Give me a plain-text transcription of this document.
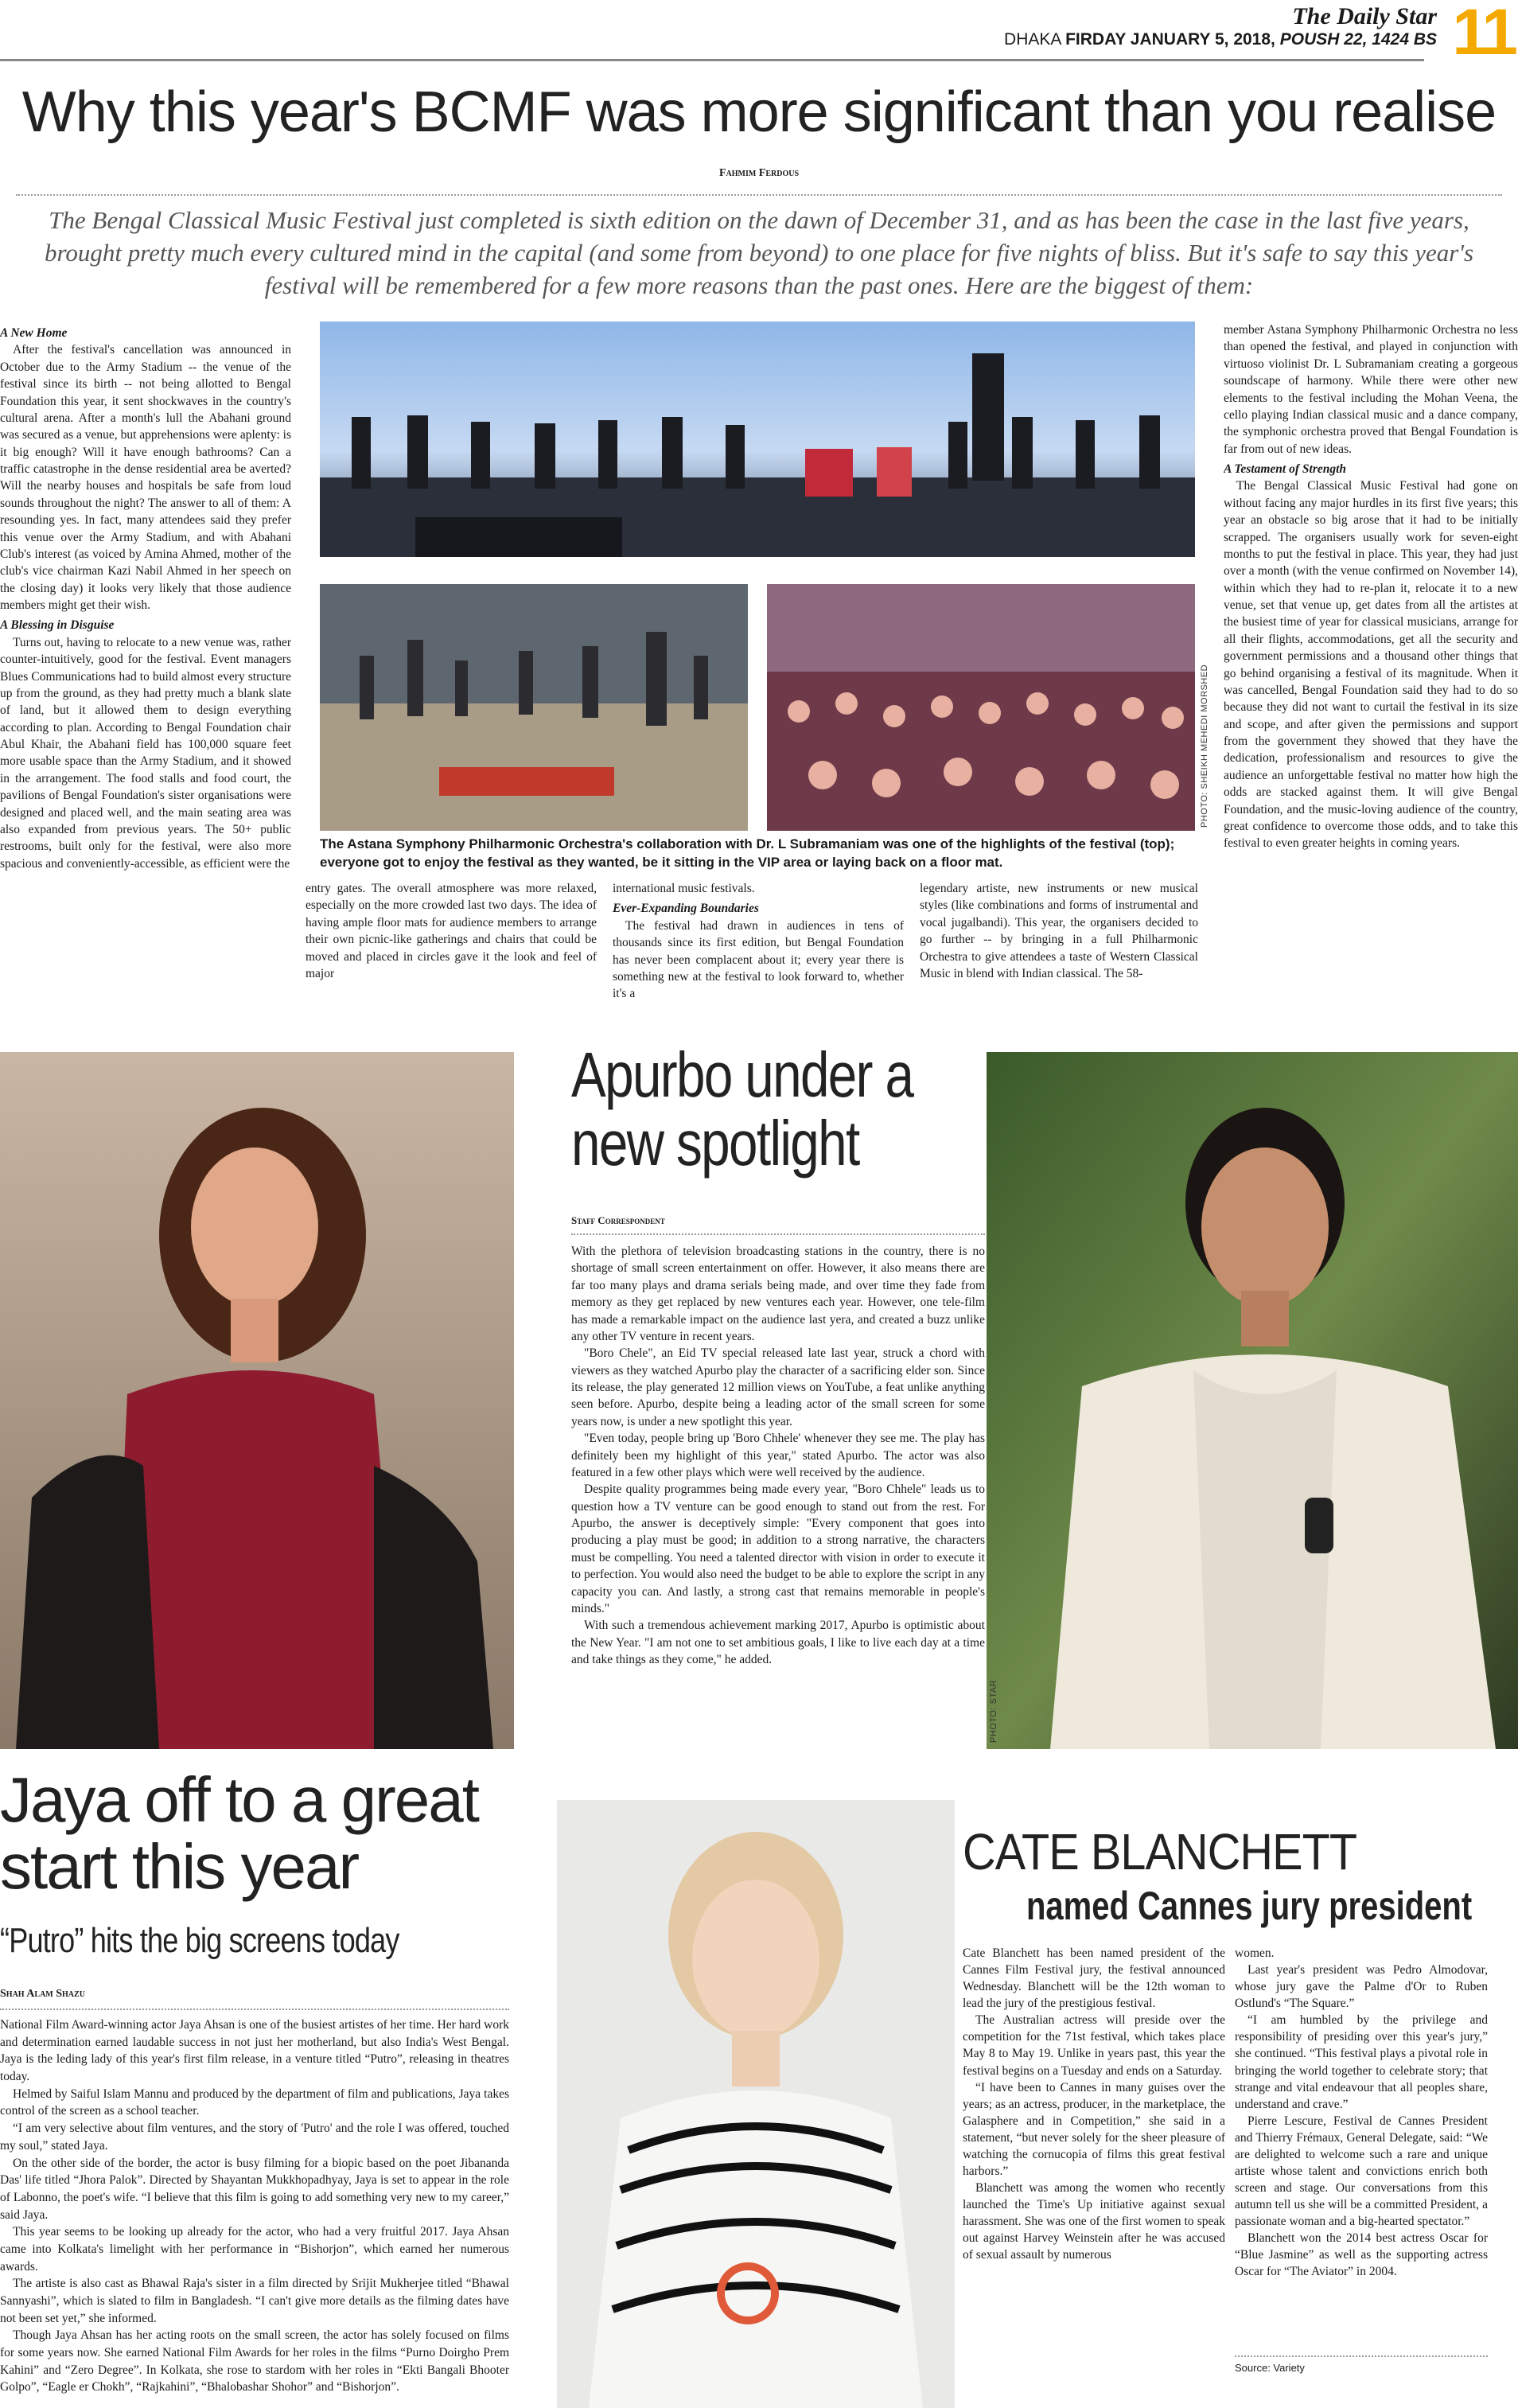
The Daily Star
DHAKA FIRDAY JANUARY 5, 2018, POUSH 22, 1424 BS 11
Why this year's BCMF was more significant than you realise
Fahmim Ferdous
The Bengal Classical Music Festival just completed is sixth edition on the dawn of December 31, and as has been the case in the last five years, brought pretty much every cultured mind in the capital (and some from beyond) to one place for five nights of bliss. But it's safe to say this year's festival will be remembered for a few more reasons than the past ones. Here are the biggest of them:

A New Home

After the festival's cancellation was announced in October due to the Army Stadium -- the venue of the festival since its birth -- not being allotted to Bengal Foundation this year, it sent shockwaves in the country's cultural arena. After a month's lull the Abahani ground was secured as a venue, but apprehensions were aplenty: is it big enough? Will it have enough bathrooms? Can a traffic catastrophe in the dense residential area be averted? Will the nearby houses and hospitals be safe from loud sounds throughout the night? The answer to all of them: A resounding yes. In fact, many attendees said they prefer this venue over the Army Stadium, and with Abahani Club's interest (as voiced by Amina Ahmed, mother of the club's vice chairman Kazi Nabil Ahmed in her speech on the closing day) it looks very likely that those audience members might get their wish.

A Blessing in Disguise

Turns out, having to relocate to a new venue was, rather counter-intuitively, good for the festival. Event managers Blues Communications had to build almost every structure up from the ground, as they had pretty much a blank slate of land, but it allowed them to design everything according to plan. According to Bengal Foundation chair Abul Khair, the Abahani field has 100,000 square feet more usable space than the Army Stadium, and it showed in the arrangement. The food stalls and food court, the pavilions of Bengal Foundation's sister organisations were designed and placed well, and the main seating area was also expanded from previous years. The 50+ public restrooms, built only for the festival, were also more spacious and conveniently-accessible, as efficient were the

entry gates. The overall atmosphere was more relaxed, especially on the more crowded last two days. The idea of having ample floor mats for audience members to arrange their own picnic-like gatherings and chairs that could be moved and placed in circles gave it the look and feel of major

international music festivals.

Ever-Expanding Boundaries

The festival had drawn in audiences in tens of thousands since its first edition, but Bengal Foundation has never been complacent about it; every year there is something new at the festival to look forward to, whether it's a

legendary artiste, new instruments or new musical styles (like combinations and forms of instrumental and vocal jugalbandi). This year, the organisers decided to go further -- by bringing in a full Philharmonic Orchestra to give attendees a taste of Western Classical Music in blend with Indian classical. The 58-

member Astana Symphony Philharmonic Orchestra no less than opened the festival, and played in conjunction with virtuoso violinist Dr. L Subramaniam creating a gorgeous soundscape of harmony. While there were other new elements to the festival including the Mohan Veena, the cello playing Indian classical music and a dance company, the symphonic orchestra proved that Bengal Foundation is far from out of new ideas.

A Testament of Strength

The Bengal Classical Music Festival had gone on without facing any major hurdles in its first five years; this year an obstacle so big arose that it had to be initially scrapped. The organisers usually work for seven-eight months to put the festival in place. This year, they had just over a month (with the venue confirmed on November 14), within which they had to re-plan it, relocate it to a new venue, set that venue up, get dates from all the artistes at the busiest time of year for classical musicians, arrange for all their flights, accommodations, get all the security and government permissions and a thousand other things that go behind organising a festival of its magnitude. When it was cancelled, Bengal Foundation said they had to do so because they did not want to curtail the festival in its size and scope, and after given the permissions and support from the government they showed that they have the dedication, professionalism and resources to give the audience an unforgettable festival no matter how high the odds are stacked against them. It will give Bengal Foundation, and the music-loving audience of the country, great confidence to overcome those odds, and to take this festival to even greater heights in coming years.

PHOTO: SHEIKH MEHEDI MORSHED
The Astana Symphony Philharmonic Orchestra's collaboration with Dr. L Subramaniam was one of the highlights of the festival (top); everyone got to enjoy the festival as they wanted, be it sitting in the VIP area or laying back on a floor mat.
Apurbo under a
new spotlight
Staff Correspondent

With the plethora of television broadcasting stations in the country, there is no shortage of small screen entertainment on offer. However, it also means there are far too many plays and drama serials being made, and over time they fade from memory as they get replaced by new ventures each year. However, one tele-film has made a remarkable impact on the audience last yera, and created a buzz unlike any other TV venture in recent years.

"Boro Chele", an Eid TV special released late last year, struck a chord with viewers as they watched Apurbo play the character of a sacrificing elder son. Since its release, the play generated 12 million views on YouTube, a feat unlike anything seen before. Apurbo, despite being a leading actor of the small screen for some years now, is under a new spotlight this year.

"Even today, people bring up 'Boro Chhele' whenever they see me. The play has definitely been my highlight of this year," stated Apurbo. The actor was also featured in a few other plays which were well received by the audience.

Despite quality programmes being made every year, "Boro Chhele" leads us to question how a TV venture can be good enough to stand out from the rest. For Apurbo, the answer is deceptively simple: "Every component that goes into producing a play must be good; in addition to a strong narrative, the characters must be compelling. You need a talented director with vision in order to execute it to perfection. You would also need the budget to be able to explore the script in any capacity you can. And lastly, a strong cast that remains memorable in people's minds."

With such a tremendous achievement marking 2017, Apurbo is optimistic about the New Year. "I am not one to set ambitious goals, I like to live each day at a time and take things as they come," he added.

PHOTO: STAR
Jaya off to a great
start this year
“Putro” hits the big screens today
Shah Alam Shazu

National Film Award-winning actor Jaya Ahsan is one of the busiest artistes of her time. Her hard work and determination earned laudable success in not just her motherland, but also India's West Bengal. Jaya is the leding lady of this year's first film release, in a venture titled “Putro”, releasing in theatres today.

Helmed by Saiful Islam Mannu and produced by the department of film and publications, Jaya takes control of the screen as a school teacher.

“I am very selective about film ventures, and the story of 'Putro' and the role I was offered, touched my soul,” stated Jaya.

On the other side of the border, the actor is busy filming for a biopic based on the poet Jibananda Das' life titled “Jhora Palok”. Directed by Shayantan Mukkhopadhyay, Jaya is set to appear in the role of Labonno, the poet's wife. “I believe that this film is going to add something very new to my career,” said Jaya.

This year seems to be looking up already for the actor, who had a very fruitful 2017. Jaya Ahsan came into Kolkata's limelight with her performance in “Bishorjon”, which earned her numerous awards.

The artiste is also cast as Bhawal Raja's sister in a film directed by Srijit Mukherjee titled “Bhawal Sannyashi”, which is slated to film in Bangladesh. “I can't give more details as the filming dates have not been set yet,” she informed.

Though Jaya Ahsan has her acting roots on the small screen, the actor has solely focused on films for some years now. She earned National Film Awards for her roles in the films “Purno Doirgho Prem Kahini” and “Zero Degree”. In Kolkata, she rose to stardom with her roles in “Ekti Bangali Bhooter Golpo”, “Eagle er Chokh”, “Rajkahini”, “Bhalobashar Shohor” and “Bishorjon”.

CATE BLANCHETT
named Cannes jury president

Cate Blanchett has been named president of the Cannes Film Festival jury, the festival announced Wednesday. Blanchett will be the 12th woman to lead the jury of the prestigious festival.

The Australian actress will preside over the competition for the 71st festival, which takes place May 8 to May 19. Unlike in years past, this year the festival begins on a Tuesday and ends on a Saturday.

“I have been to Cannes in many guises over the years; as an actress, producer, in the marketplace, the Galasphere and in Competition,” she said in a statement, “but never solely for the sheer pleasure of watching the cornucopia of films this great festival harbors.”

Blanchett was among the women who recently launched the Time's Up initiative against sexual harassment. She was one of the first women to speak out against Harvey Weinstein after he was accused of sexual assault by numerous

women.

Last year's president was Pedro Almodovar, whose jury gave the Palme d'Or to Ruben Ostlund's “The Square.”

“I am humbled by the privilege and responsibility of presiding over this year's jury,” she continued. “This festival plays a pivotal role in bringing the world together to celebrate story; that strange and vital endeavour that all peoples share, understand and crave.”

Pierre Lescure, Festival de Cannes President and Thierry Frémaux, General Delegate, said: “We are delighted to welcome such a rare and unique artiste whose talent and convictions enrich both screen and stage. Our conversations from this autumn tell us she will be a committed President, a passionate woman and a big-hearted spectator.”

Blanchett won the 2014 best actress Oscar for “Blue Jasmine” as well as the supporting actress Oscar for “The Aviator” in 2004.

Source: Variety
